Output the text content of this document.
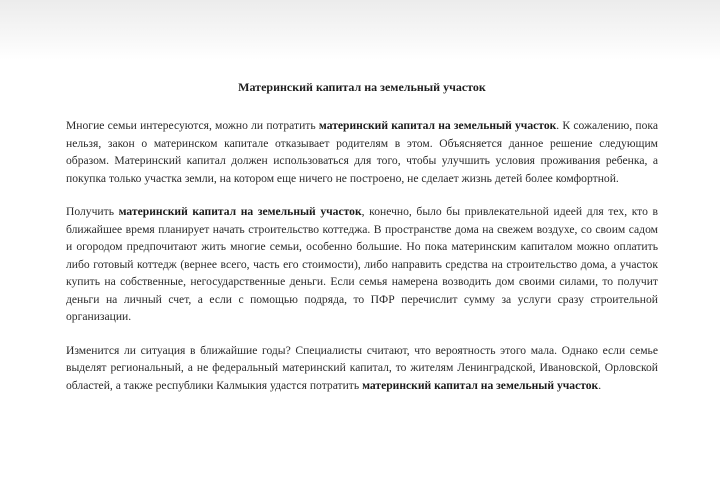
Материнский капитал на земельный участок

Многие семьи интересуются, можно ли потратить материнский капитал на земельный участок. К сожалению, пока нельзя, закон о материнском капитале отказывает родителям в этом. Объясняется данное решение следующим образом. Материнский капитал должен использоваться для того, чтобы улучшить условия проживания ребенка, а покупка только участка земли, на котором еще ничего не построено, не сделает жизнь детей более комфортной.

Получить материнский капитал на земельный участок, конечно, было бы привлекательной идеей для тех, кто в ближайшее время планирует начать строительство коттеджа. В пространстве дома на свежем воздухе, со своим садом и огородом предпочитают жить многие семьи, особенно большие. Но пока материнским капиталом можно оплатить либо готовый коттедж (вернее всего, часть его стоимости), либо направить средства на строительство дома, а участок купить на собственные, негосударственные деньги. Если семья намерена возводить дом своими силами, то получит деньги на личный счет, а если с помощью подряда, то ПФР перечислит сумму за услуги сразу строительной организации.

Изменится ли ситуация в ближайшие годы? Специалисты считают, что вероятность этого мала. Однако если семье выделят региональный, а не федеральный материнский капитал, то жителям Ленинградской, Ивановской, Орловской областей, а также республики Калмыкия удастся потратить материнский капитал на земельный участок.
